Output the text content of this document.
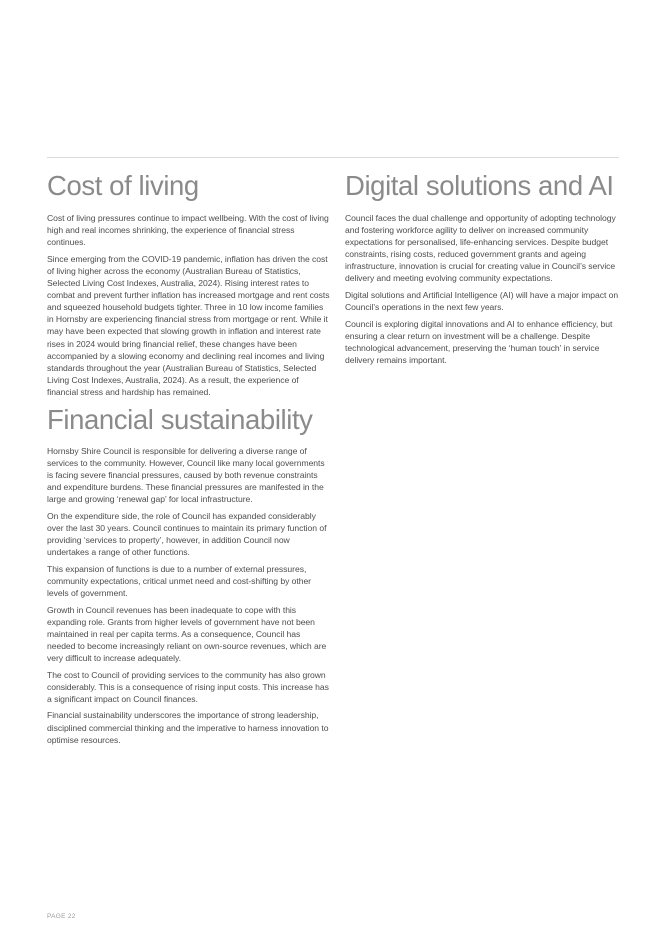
Cost of living

Cost of living pressures continue to impact wellbeing. With the cost of living high and real incomes shrinking, the experience of financial stress continues.

Since emerging from the COVID-19 pandemic, inflation has driven the cost of living higher across the economy (Australian Bureau of Statistics, Selected Living Cost Indexes, Australia, 2024). Rising interest rates to combat and prevent further inflation has increased mortgage and rent costs and squeezed household budgets tighter. Three in 10 low income families in Hornsby are experiencing financial stress from mortgage or rent. While it may have been expected that slowing growth in inflation and interest rate rises in 2024 would bring financial relief, these changes have been accompanied by a slowing economy and declining real incomes and living standards throughout the year (Australian Bureau of Statistics, Selected Living Cost Indexes, Australia, 2024). As a result, the experience of financial stress and hardship has remained.

Financial sustainability

Hornsby Shire Council is responsible for delivering a diverse range of services to the community. However, Council like many local governments is facing severe financial pressures, caused by both revenue constraints and expenditure burdens. These financial pressures are manifested in the large and growing ‘renewal gap’ for local infrastructure.

On the expenditure side, the role of Council has expanded considerably over the last 30 years. Council continues to maintain its primary function of providing ‘services to property’, however, in addition Council now undertakes a range of other functions.

This expansion of functions is due to a number of external pressures, community expectations, critical unmet need and cost-shifting by other levels of government.

Growth in Council revenues has been inadequate to cope with this expanding role. Grants from higher levels of government have not been maintained in real per capita terms. As a consequence, Council has needed to become increasingly reliant on own-source revenues, which are very difficult to increase adequately.

The cost to Council of providing services to the community has also grown considerably. This is a consequence of rising input costs. This increase has a significant impact on Council finances.

Financial sustainability underscores the importance of strong leadership, disciplined commercial thinking and the imperative to harness innovation to optimise resources.

Digital solutions and AI

Council faces the dual challenge and opportunity of adopting technology and fostering workforce agility to deliver on increased community expectations for personalised, life-enhancing services. Despite budget constraints, rising costs, reduced government grants and ageing infrastructure, innovation is crucial for creating value in Council’s service delivery and meeting evolving community expectations.

Digital solutions and Artificial Intelligence (AI) will have a major impact on Council’s operations in the next few years.

Council is exploring digital innovations and AI to enhance efficiency, but ensuring a clear return on investment will be a challenge. Despite technological advancement, preserving the ‘human touch’ in service delivery remains important.

PAGE 22
